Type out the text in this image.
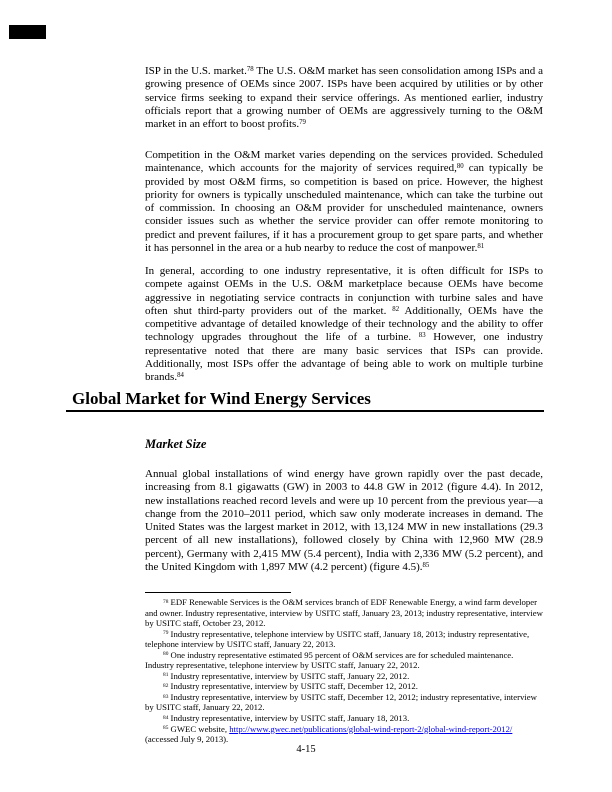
ISP in the U.S. market.$^{78}$ The U.S. O&M market has seen consolidation among ISPs and a growing presence of OEMs since 2007. ISPs have been acquired by utilities or by other service firms seeking to expand their service offerings. As mentioned earlier, industry officials report that a growing number of OEMs are aggressively turning to the O&M market in an effort to boost profits.$^{79}$

Competition in the O&M market varies depending on the services provided. Scheduled maintenance, which accounts for the majority of services required,$^{80}$ can typically be provided by most O&M firms, so competition is based on price. However, the highest priority for owners is typically unscheduled maintenance, which can take the turbine out of commission. In choosing an O&M provider for unscheduled maintenance, owners consider issues such as whether the service provider can offer remote monitoring to predict and prevent failures, if it has a procurement group to get spare parts, and whether it has personnel in the area or a hub nearby to reduce the cost of manpower.$^{81}$

In general, according to one industry representative, it is often difficult for ISPs to compete against OEMs in the U.S. O&M marketplace because OEMs have become aggressive in negotiating service contracts in conjunction with turbine sales and have often shut third-party providers out of the market. $^{82}$ Additionally, OEMs have the competitive advantage of detailed knowledge of their technology and the ability to offer technology upgrades throughout the life of a turbine. $^{83}$ However, one industry representative noted that there are many basic services that ISPs can provide. Additionally, most ISPs offer the advantage of being able to work on multiple turbine brands.$^{84}$

Global Market for Wind Energy Services
Market Size

Annual global installations of wind energy have grown rapidly over the past decade, increasing from 8.1 gigawatts (GW) in 2003 to 44.8 GW in 2012 (figure 4.4). In 2012, new installations reached record levels and were up 10 percent from the previous year—a change from the 2010–2011 period, which saw only moderate increases in demand. The United States was the largest market in 2012, with 13,124 MW in new installations (29.3 percent of all new installations), followed closely by China with 12,960 MW (28.9 percent), Germany with 2,415 MW (5.4 percent), India with 2,336 MW (5.2 percent), and the United Kingdom with 1,897 MW (4.2 percent) (figure 4.5).$^{85}$

$^{78}$ EDF Renewable Services is the O&M services branch of EDF Renewable Energy, a wind farm developer and owner. Industry representative, interview by USITC staff, January 23, 2013; industry representative, interview by USITC staff, October 23, 2012.

$^{79}$ Industry representative, telephone interview by USITC staff, January 18, 2013; industry representative, telephone interview by USITC staff, January 22, 2013.

$^{80}$ One industry representative estimated 95 percent of O&M services are for scheduled maintenance. Industry representative, telephone interview by USITC staff, January 22, 2012.

$^{81}$ Industry representative, interview by USITC staff, January 22, 2012.

$^{82}$ Industry representative, interview by USITC staff, December 12, 2012.

$^{83}$ Industry representative, interview by USITC staff, December 12, 2012; industry representative, interview by USITC staff, January 22, 2012.

$^{84}$ Industry representative, interview by USITC staff, January 18, 2013.

$^{85}$ GWEC website, http://www.gwec.net/publications/global-wind-report-2/global-wind-report-2012/ (accessed July 9, 2013).

4-15
